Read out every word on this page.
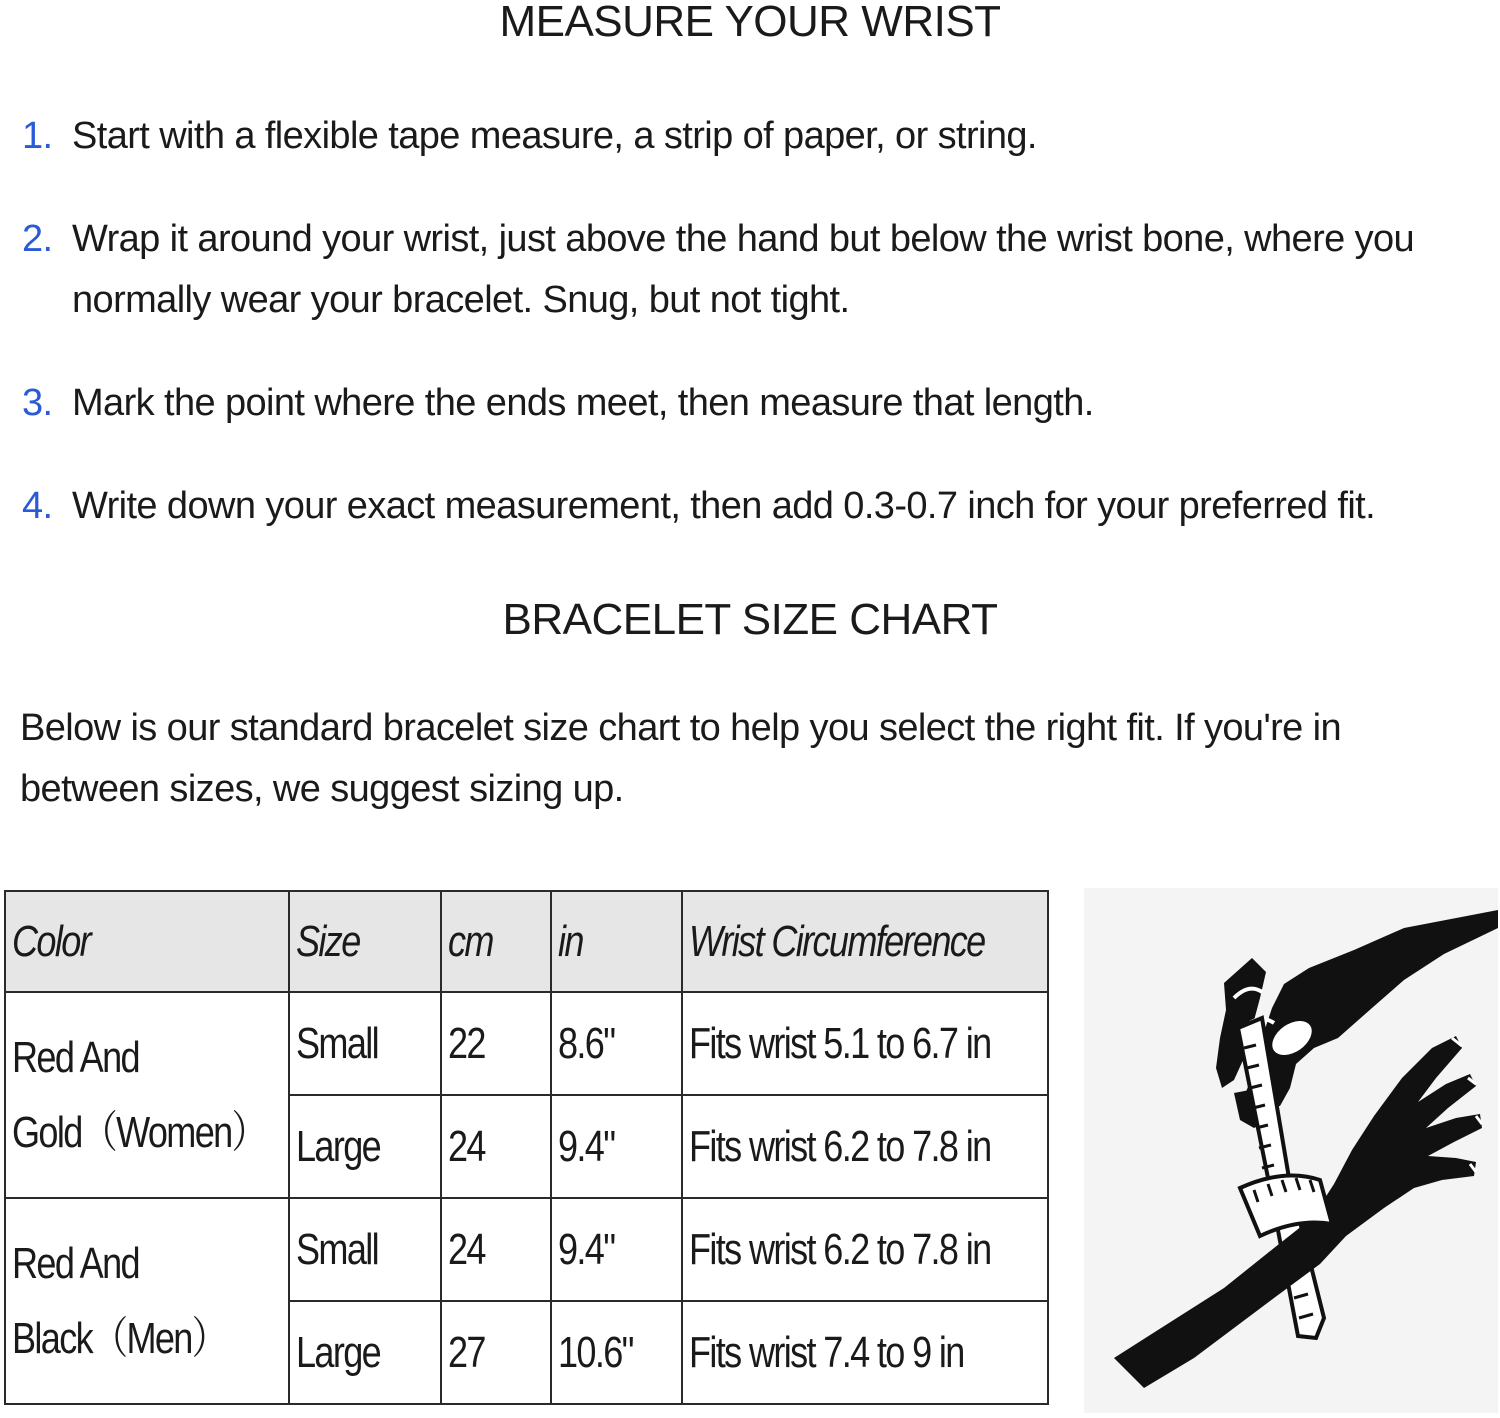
MEASURE YOUR WRIST
1. Start with a flexible tape measure, a strip of paper, or string.
2. Wrap it around your wrist, just above the hand but below the wrist bone, where you normally wear your bracelet. Snug, but not tight.
3. Mark the point where the ends meet, then measure that length.
4. Write down your exact measurement, then add 0.3-0.7 inch for your preferred fit.
BRACELET SIZE CHART

Below is our standard bracelet size chart to help you select the right fit. If you're in between sizes, we suggest sizing up.

Color	Size	cm	in	Wrist Circumference
Red And
Gold（Women）	Small	22	8.6"	Fits wrist 5.1 to 6.7 in
	Large	24	9.4"	Fits wrist 6.2 to 7.8 in
Red And
Black（Men）	Small	24	9.4"	Fits wrist 6.2 to 7.8 in
	Large	27	10.6"	Fits wrist 7.4 to 9 in
